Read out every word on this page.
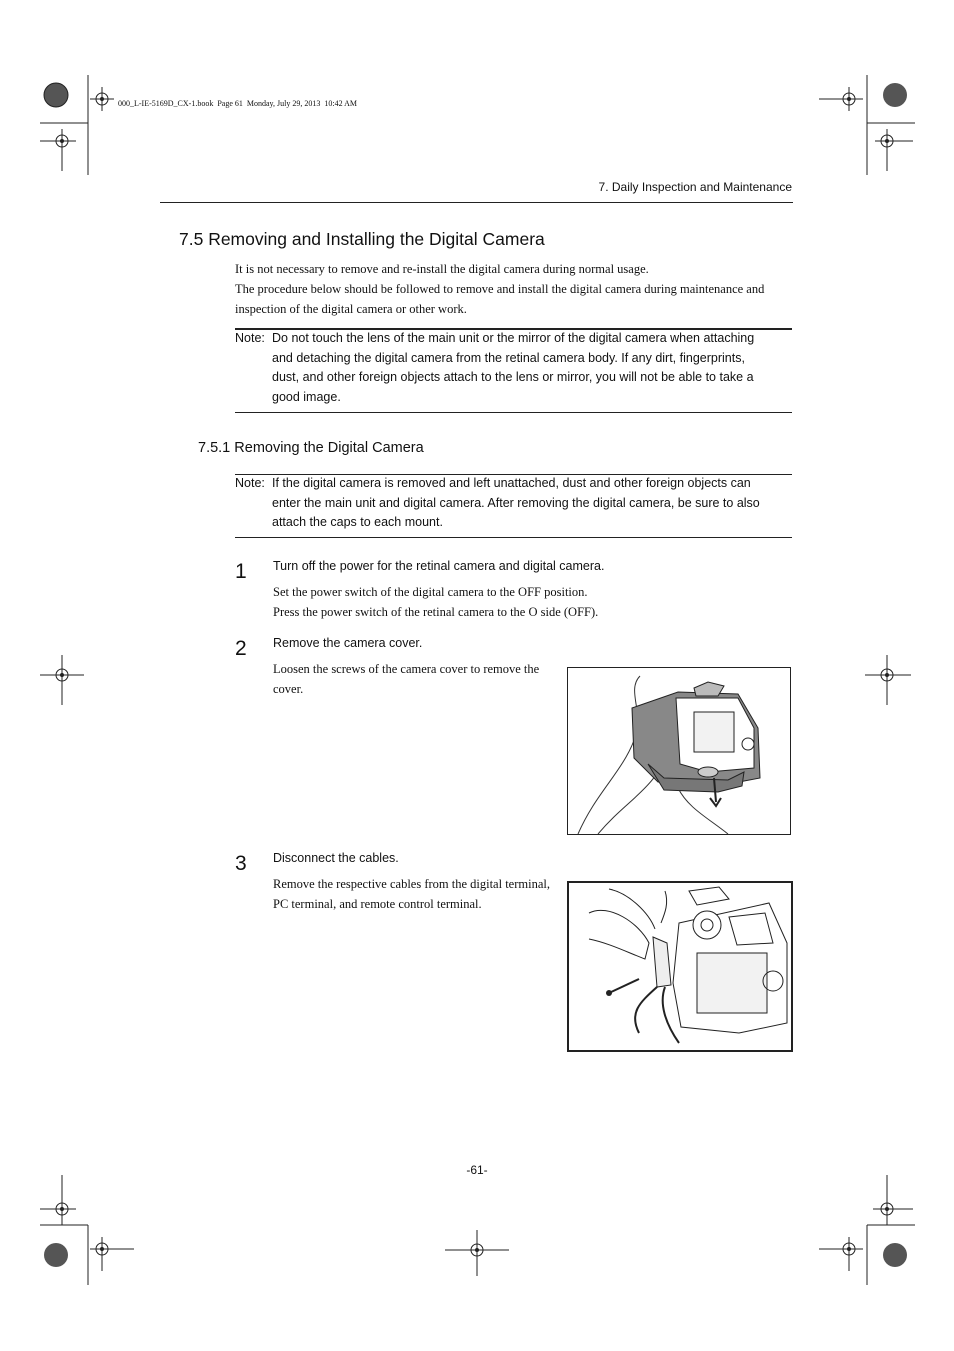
000_L-IE-5169D_CX-1.book  Page 61  Monday, July 29, 2013  10:42 AM
7. Daily Inspection and Maintenance
7.5 Removing and Installing the Digital Camera
It is not necessary to remove and re-install the digital camera during normal usage.
The procedure below should be followed to remove and install the digital camera during maintenance and
inspection of the digital camera or other work.
Note: Do not touch the lens of the main unit or the mirror of the digital camera when attaching
and detaching the digital camera from the retinal camera body. If any dirt, fingerprints,
dust, and other foreign objects attach to the lens or mirror, you will not be able to take a
good image.
7.5.1 Removing the Digital Camera
Note: If the digital camera is removed and left unattached, dust and other foreign objects can
enter the main unit and digital camera. After removing the digital camera, be sure to also
attach the caps to each mount.
1 Turn off the power for the retinal camera and digital camera.
Set the power switch of the digital camera to the OFF position.
Press the power switch of the retinal camera to the O side (OFF).
2 Remove the camera cover.
Loosen the screws of the camera cover to remove the
cover.
3 Disconnect the cables.
Remove the respective cables from the digital terminal,
PC terminal, and remote control terminal.
-61-
